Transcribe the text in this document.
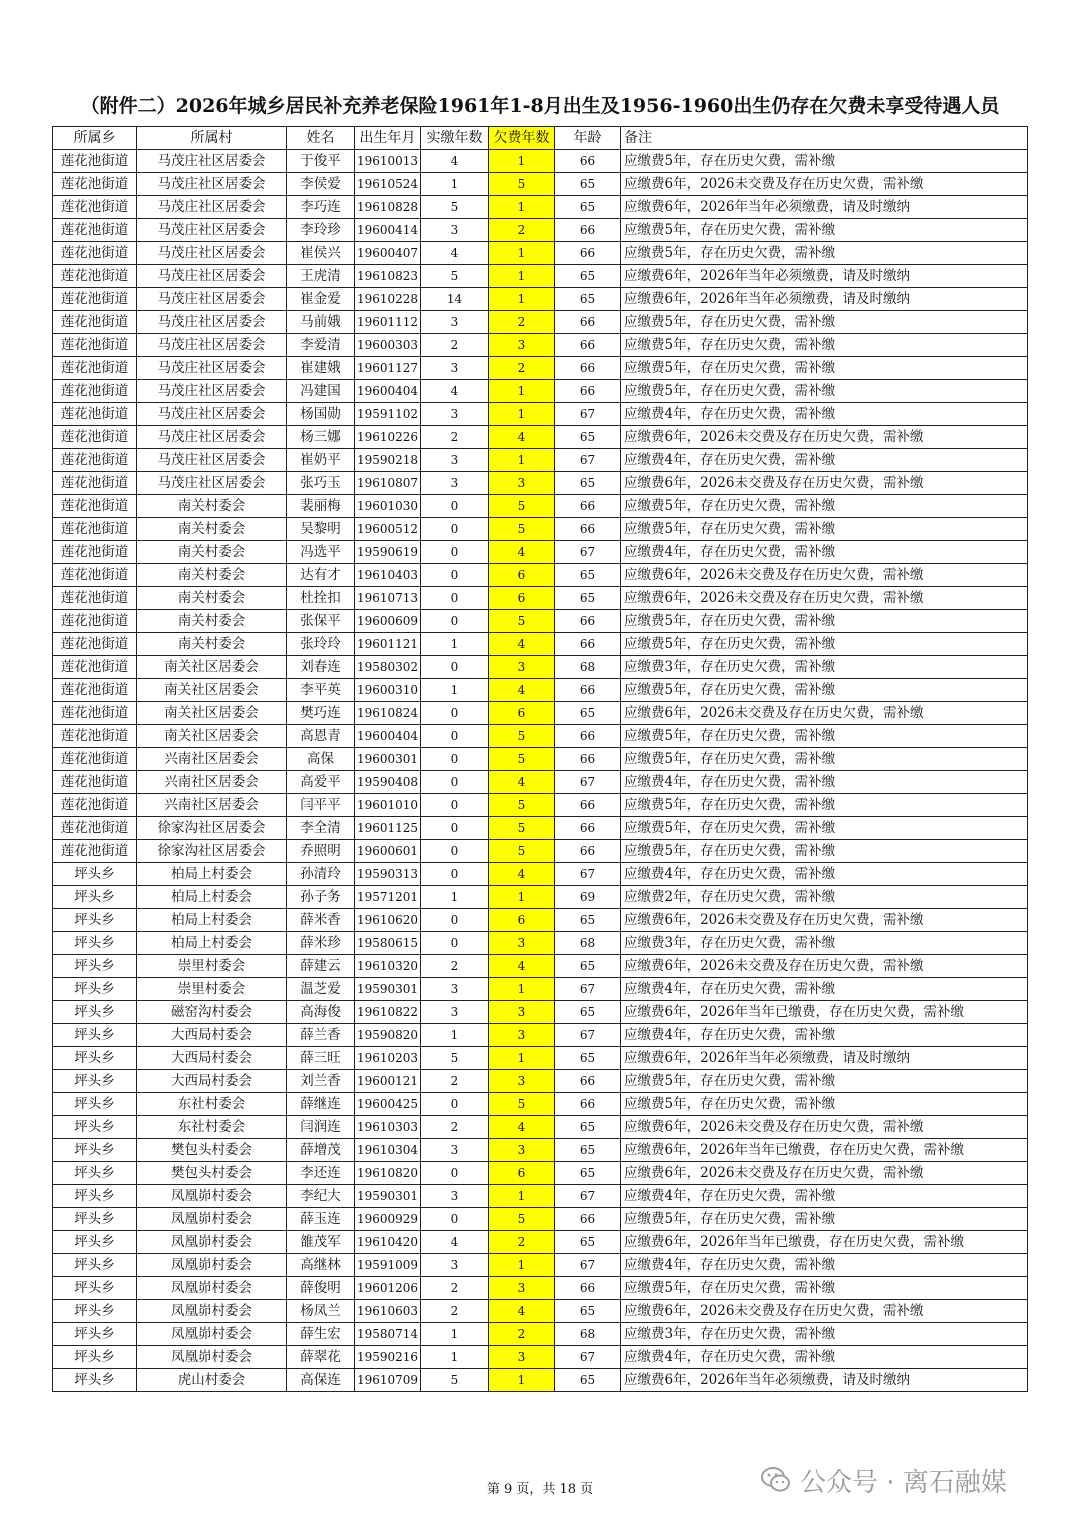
（附件二）2026年城乡居民补充养老保险1961年1-8月出生及1956-1960出生仍存在欠费未享受待遇人员
所属乡	所属村	姓名	出生年月	实缴年数	欠费年数	年龄	备注
莲花池街道	马茂庄社区居委会	于俊平	19610013	4	1	66	应缴费5年，存在历史欠费，需补缴
莲花池街道	马茂庄社区居委会	李侯爱	19610524	1	5	65	应缴费6年，2026未交费及存在历史欠费，需补缴
莲花池街道	马茂庄社区居委会	李巧连	19610828	5	1	65	应缴费6年，2026年当年必须缴费，请及时缴纳
莲花池街道	马茂庄社区居委会	李玲珍	19600414	3	2	66	应缴费5年，存在历史欠费，需补缴
莲花池街道	马茂庄社区居委会	崔侯兴	19600407	4	1	66	应缴费5年，存在历史欠费，需补缴
莲花池街道	马茂庄社区居委会	王虎清	19610823	5	1	65	应缴费6年，2026年当年必须缴费，请及时缴纳
莲花池街道	马茂庄社区居委会	崔金爱	19610228	14	1	65	应缴费6年，2026年当年必须缴费，请及时缴纳
莲花池街道	马茂庄社区居委会	马前娥	19601112	3	2	66	应缴费5年，存在历史欠费，需补缴
莲花池街道	马茂庄社区居委会	李爱清	19600303	2	3	66	应缴费5年，存在历史欠费，需补缴
莲花池街道	马茂庄社区居委会	崔建娥	19601127	3	2	66	应缴费5年，存在历史欠费，需补缴
莲花池街道	马茂庄社区居委会	冯建国	19600404	4	1	66	应缴费5年，存在历史欠费，需补缴
莲花池街道	马茂庄社区居委会	杨国勋	19591102	3	1	67	应缴费4年，存在历史欠费，需补缴
莲花池街道	马茂庄社区居委会	杨三娜	19610226	2	4	65	应缴费6年，2026未交费及存在历史欠费，需补缴
莲花池街道	马茂庄社区居委会	崔奶平	19590218	3	1	67	应缴费4年，存在历史欠费，需补缴
莲花池街道	马茂庄社区居委会	张巧玉	19610807	3	3	65	应缴费6年，2026未交费及存在历史欠费，需补缴
莲花池街道	南关村委会	裴丽梅	19601030	0	5	66	应缴费5年，存在历史欠费，需补缴
莲花池街道	南关村委会	吴黎明	19600512	0	5	66	应缴费5年，存在历史欠费，需补缴
莲花池街道	南关村委会	冯选平	19590619	0	4	67	应缴费4年，存在历史欠费，需补缴
莲花池街道	南关村委会	达有才	19610403	0	6	65	应缴费6年，2026未交费及存在历史欠费，需补缴
莲花池街道	南关村委会	杜拴扣	19610713	0	6	65	应缴费6年，2026未交费及存在历史欠费，需补缴
莲花池街道	南关村委会	张保平	19600609	0	5	66	应缴费5年，存在历史欠费，需补缴
莲花池街道	南关村委会	张玲玲	19601121	1	4	66	应缴费5年，存在历史欠费，需补缴
莲花池街道	南关社区居委会	刘春连	19580302	0	3	68	应缴费3年，存在历史欠费，需补缴
莲花池街道	南关社区居委会	李平英	19600310	1	4	66	应缴费5年，存在历史欠费，需补缴
莲花池街道	南关社区居委会	樊巧连	19610824	0	6	65	应缴费6年，2026未交费及存在历史欠费，需补缴
莲花池街道	南关社区居委会	高恩青	19600404	0	5	66	应缴费5年，存在历史欠费，需补缴
莲花池街道	兴南社区居委会	高保	19600301	0	5	66	应缴费5年，存在历史欠费，需补缴
莲花池街道	兴南社区居委会	高爱平	19590408	0	4	67	应缴费4年，存在历史欠费，需补缴
莲花池街道	兴南社区居委会	闫平平	19601010	0	5	66	应缴费5年，存在历史欠费，需补缴
莲花池街道	徐家沟社区居委会	李全清	19601125	0	5	66	应缴费5年，存在历史欠费，需补缴
莲花池街道	徐家沟社区居委会	乔照明	19600601	0	5	66	应缴费5年，存在历史欠费，需补缴
坪头乡	柏局上村委会	孙清玲	19590313	0	4	67	应缴费4年，存在历史欠费，需补缴
坪头乡	柏局上村委会	孙子务	19571201	1	1	69	应缴费2年，存在历史欠费，需补缴
坪头乡	柏局上村委会	薛米香	19610620	0	6	65	应缴费6年，2026未交费及存在历史欠费，需补缴
坪头乡	柏局上村委会	薛米珍	19580615	0	3	68	应缴费3年，存在历史欠费，需补缴
坪头乡	崇里村委会	薛建云	19610320	2	4	65	应缴费6年，2026未交费及存在历史欠费，需补缴
坪头乡	崇里村委会	温芝爱	19590301	3	1	67	应缴费4年，存在历史欠费，需补缴
坪头乡	磁窑沟村委会	高海俊	19610822	3	3	65	应缴费6年，2026年当年已缴费，存在历史欠费，需补缴
坪头乡	大西局村委会	薛兰香	19590820	1	3	67	应缴费4年，存在历史欠费，需补缴
坪头乡	大西局村委会	薛三旺	19610203	5	1	65	应缴费6年，2026年当年必须缴费，请及时缴纳
坪头乡	大西局村委会	刘兰香	19600121	2	3	66	应缴费5年，存在历史欠费，需补缴
坪头乡	东社村委会	薛继连	19600425	0	5	66	应缴费5年，存在历史欠费，需补缴
坪头乡	东社村委会	闫润连	19610303	2	4	65	应缴费6年，2026未交费及存在历史欠费，需补缴
坪头乡	樊包头村委会	薛增茂	19610304	3	3	65	应缴费6年，2026年当年已缴费，存在历史欠费，需补缴
坪头乡	樊包头村委会	李还连	19610820	0	6	65	应缴费6年，2026未交费及存在历史欠费，需补缴
坪头乡	凤凰峁村委会	李纪大	19590301	3	1	67	应缴费4年，存在历史欠费，需补缴
坪头乡	凤凰峁村委会	薛玉连	19600929	0	5	66	应缴费5年，存在历史欠费，需补缴
坪头乡	凤凰峁村委会	雒茂军	19610420	4	2	65	应缴费6年，2026年当年已缴费，存在历史欠费，需补缴
坪头乡	凤凰峁村委会	高继林	19591009	3	1	67	应缴费4年，存在历史欠费，需补缴
坪头乡	凤凰峁村委会	薛俊明	19601206	2	3	66	应缴费5年，存在历史欠费，需补缴
坪头乡	凤凰峁村委会	杨凤兰	19610603	2	4	65	应缴费6年，2026未交费及存在历史欠费，需补缴
坪头乡	凤凰峁村委会	薛生宏	19580714	1	2	68	应缴费3年，存在历史欠费，需补缴
坪头乡	凤凰峁村委会	薛翠花	19590216	1	3	67	应缴费4年，存在历史欠费，需补缴
坪头乡	虎山村委会	高保连	19610709	5	1	65	应缴费6年，2026年当年必须缴费，请及时缴纳
第 9 页，共 18 页	公众号 · 离石融媒
